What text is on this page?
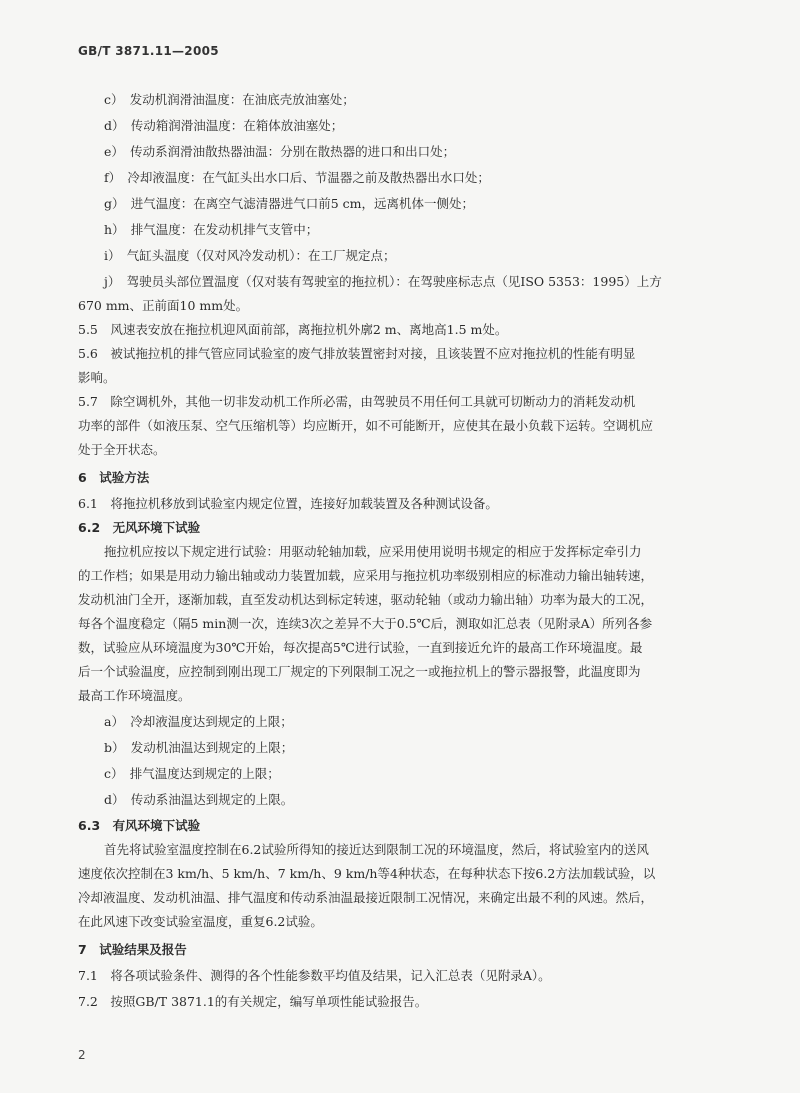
GB/T 3871.11—2005
c）　发动机润滑油温度：在油底壳放油塞处；
d）　传动箱润滑油温度：在箱体放油塞处；
e）　传动系润滑油散热器油温：分别在散热器的进口和出口处；
f）　冷却液温度：在气缸头出水口后、节温器之前及散热器出水口处；
g）　进气温度：在离空气滤清器进气口前5 cm，远离机体一侧处；
h）　排气温度：在发动机排气支管中；
i）　气缸头温度（仅对风冷发动机）：在工厂规定点；
j）　驾驶员头部位置温度（仅对装有驾驶室的拖拉机）：在驾驶座标志点（见ISO 5353：1995）上方
670 mm、正前面10 mm处。
5.5　风速表安放在拖拉机迎风面前部，离拖拉机外廓2 m、离地高1.5 m处。
5.6　被试拖拉机的排气管应同试验室的废气排放装置密封对接，且该装置不应对拖拉机的性能有明显
影响。
5.7　除空调机外，其他一切非发动机工作所必需，由驾驶员不用任何工具就可切断动力的消耗发动机
功率的部件（如液压泵、空气压缩机等）均应断开，如不可能断开，应使其在最小负载下运转。空调机应
处于全开状态。
6　试验方法
6.1　将拖拉机移放到试验室内规定位置，连接好加载装置及各种测试设备。
6.2　无风环境下试验
拖拉机应按以下规定进行试验：用驱动轮轴加载，应采用使用说明书规定的相应于发挥标定牵引力
的工作档；如果是用动力输出轴或动力装置加载，应采用与拖拉机功率级别相应的标准动力输出轴转速，
发动机油门全开，逐渐加载，直至发动机达到标定转速，驱动轮轴（或动力输出轴）功率为最大的工况，
每各个温度稳定（隔5 min测一次，连续3次之差异不大于0.5℃后，测取如汇总表（见附录A）所列各参
数，试验应从环境温度为30℃开始，每次提高5℃进行试验，一直到接近允许的最高工作环境温度。最
后一个试验温度，应控制到刚出现工厂规定的下列限制工况之一或拖拉机上的警示器报警，此温度即为
最高工作环境温度。
a）　冷却液温度达到规定的上限；
b）　发动机油温达到规定的上限；
c）　排气温度达到规定的上限；
d）　传动系油温达到规定的上限。
6.3　有风环境下试验
首先将试验室温度控制在6.2试验所得知的接近达到限制工况的环境温度，然后，将试验室内的送风
速度依次控制在3 km/h、5 km/h、7 km/h、9 km/h等4种状态，在每种状态下按6.2方法加载试验，以
冷却液温度、发动机油温、排气温度和传动系油温最接近限制工况情况，来确定出最不利的风速。然后，
在此风速下改变试验室温度，重复6.2试验。
7　试验结果及报告
7.1　将各项试验条件、测得的各个性能参数平均值及结果，记入汇总表（见附录A）。
7.2　按照GB/T 3871.1的有关规定，编写单项性能试验报告。
2
